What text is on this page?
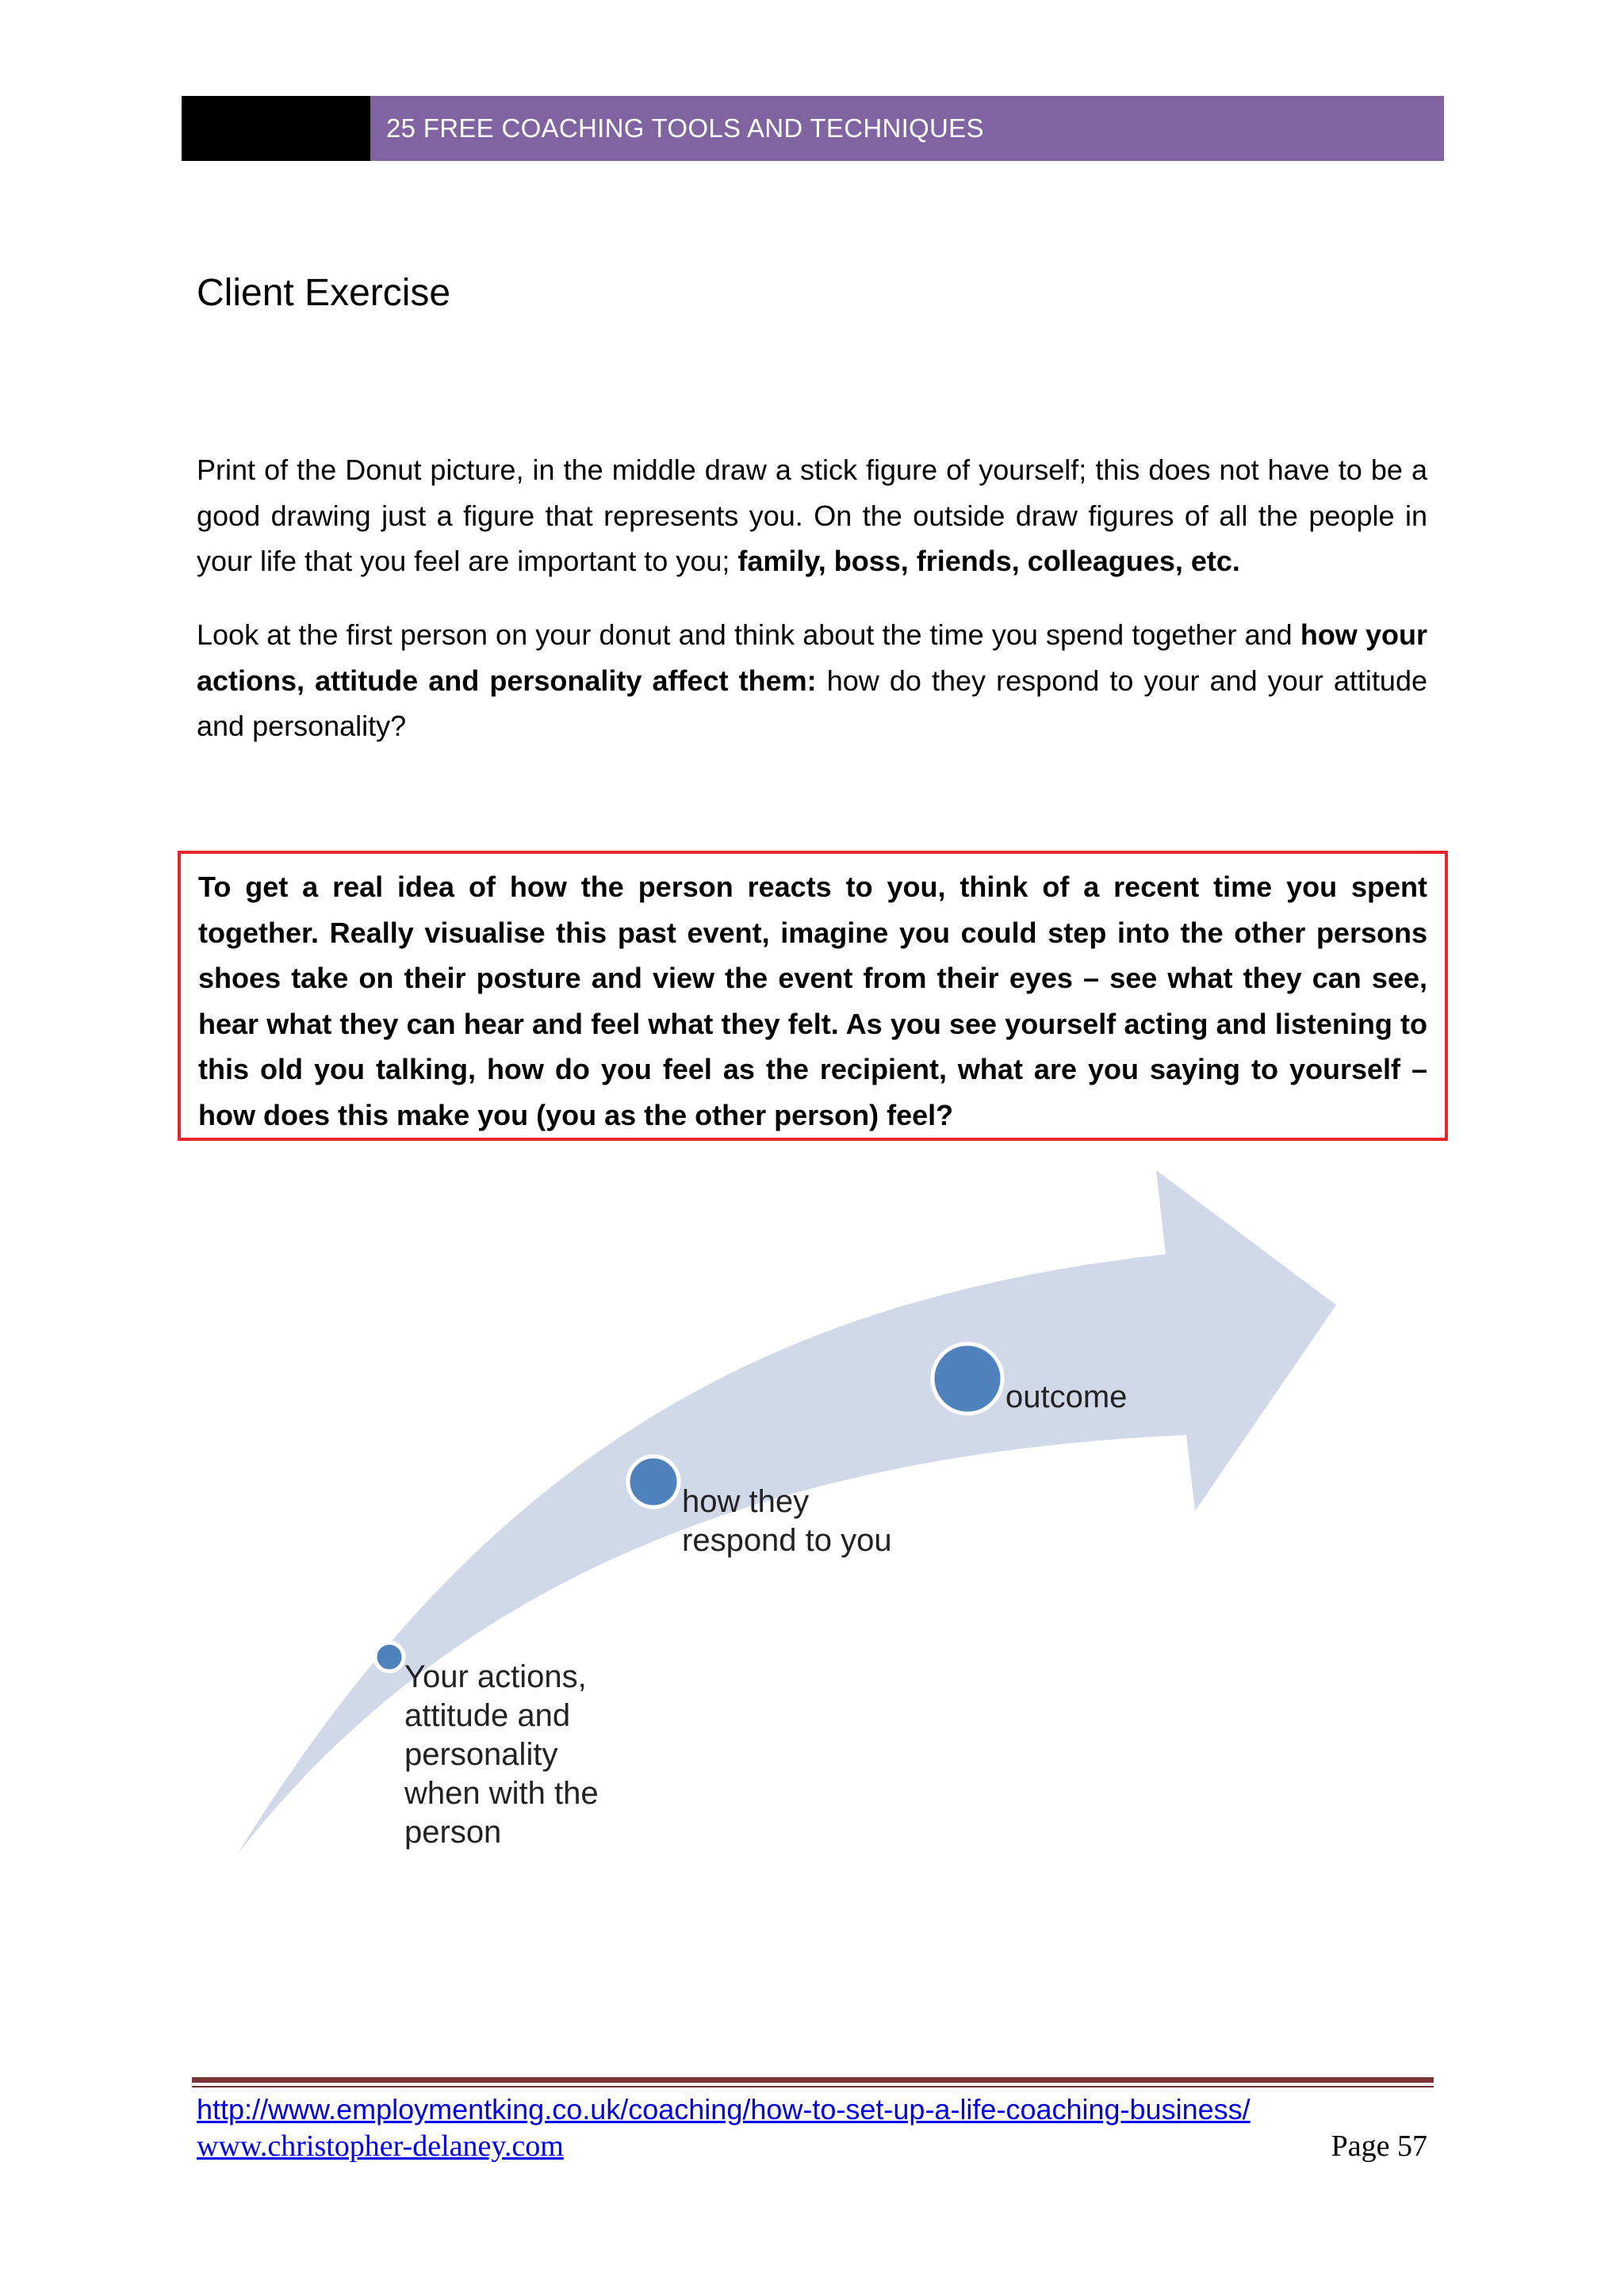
25 FREE COACHING TOOLS AND TECHNIQUES
Client Exercise

Print of the Donut picture, in the middle draw a stick figure of yourself; this does not have to be a good drawing just a figure that represents you. On the outside draw figures of all the people in your life that you feel are important to you; family, boss, friends, colleagues, etc.

Look at the first person on your donut and think about the time you spend together and how your actions, attitude and personality affect them: how do they respond to your and your attitude and personality?

To get a real idea of how the person reacts to you, think of a recent time you spent together. Really visualise this past event, imagine you could step into the other persons shoes take on their posture and view the event from their eyes – see what they can see, hear what they can hear and feel what they felt. As you see yourself acting and listening to this old you talking, how do you feel as the recipient, what are you saying to yourself – how does this make you (you as the other person) feel?
Your actions, attitude and personality when with the person
how they respond to you
outcome
http://www.employmentking.co.uk/coaching/how-to-set-up-a-life-coaching-business/
www.christopher-delaney.com	Page 57
